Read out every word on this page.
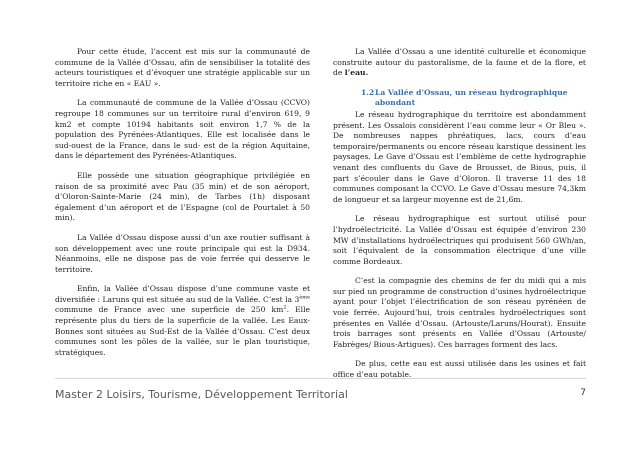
Pour cette étude, l’accent est mis sur la communauté de commune de la Vallée d’Ossau, afin de sensibiliser la totalité des acteurs touristiques et d’évoquer une stratégie applicable sur un territoire riche en « EAU ».

La communauté de commune de la Vallée d’Ossau (CCVO) regroupe 18 communes sur un territoire rural d’environ 619, 9 km2 et compte 10194 habitants soit environ 1,7 % de la population des Pyrénées-Atlantiques. Elle est localisée dans le sud-ouest de la France, dans le sud- est de la région Aquitaine, dans le département des Pyrénées-Atlantiques.

Elle possède une situation géographique privilégiée en raison de sa proximité avec Pau (35 min) et de son aéroport, d’Oloron-Sainte-Marie (24 min), de Tarbes (1h) disposant également d’un aéroport et de l’Espagne (col de Pourtalet à 50 min).

La Vallée d’Ossau dispose aussi d’un axe routier suffisant à son développement avec une route principale qui est la D934. Néanmoins, elle ne dispose pas de voie ferrée qui desserve le territoire.

Enfin, la Vallée d’Ossau dispose d’une commune vaste et diversifiée : Laruns qui est située au sud de la Vallée. C’est la 3ème commune de France avec une superficie de 250 $km^2$. Elle représente plus du tiers de la superficie de la vallée. Les Eaux-Bonnes sont situées au Sud-Est de la Vallée d’Ossau. C’est deux communes sont les pôles de la vallée, sur le plan touristique, stratégiques.

La Vallée d’Ossau a une identité culturelle et économique construite autour du pastoralisme, de la faune et de la flore, et de l’eau.

1.2 La Vallée d’Ossau, un réseau hydrographique abondant

Le réseau hydrographique du territoire est abondamment présent. Les Ossalois considèrent l’eau comme leur « Or Bleu ». De nombreuses nappes phréatiques, lacs, cours d’eau temporaire/permanents ou encore réseau karstique dessinent les paysages. Le Gave d’Ossau est l’emblème de cette hydrographie venant des confluents du Gave de Brousset, de Bious, puis, il part s’écouler dans le Gave d’Oloron. Il traverse 11 des 18 communes composant la CCVO. Le Gave d’Ossau mesure 74,3km de longueur et sa largeur moyenne est de 21,6m.

Le réseau hydrographique est surtout utilisé pour l’hydroélectricité. La Vallée d’Ossau est équipée d’environ 230 MW d’installations hydroélectriques qui produisent 560 GWh/an, soit l’équivalent de la consommation électrique d’une ville comme Bordeaux.

C’est la compagnie des chemins de fer du midi qui a mis sur pied un programme de construction d’usines hydroélectrique ayant pour l’objet l’électrification de son réseau pyrénéen de voie ferrée. Aujourd’hui, trois centrales hydroélectriques sont présentes en Vallée d’Ossau. (Artouste/Laruns/Hourat). Ensuite trois barrages sont présents en Vallée d’Ossau (Artouste/ Fabrèges/ Bious-Artigues). Ces barrages forment des lacs.

De plus, cette eau est aussi utilisée dans les usines et fait office d’eau potable.

Master 2 Loisirs, Tourisme, Développement Territorial	7
